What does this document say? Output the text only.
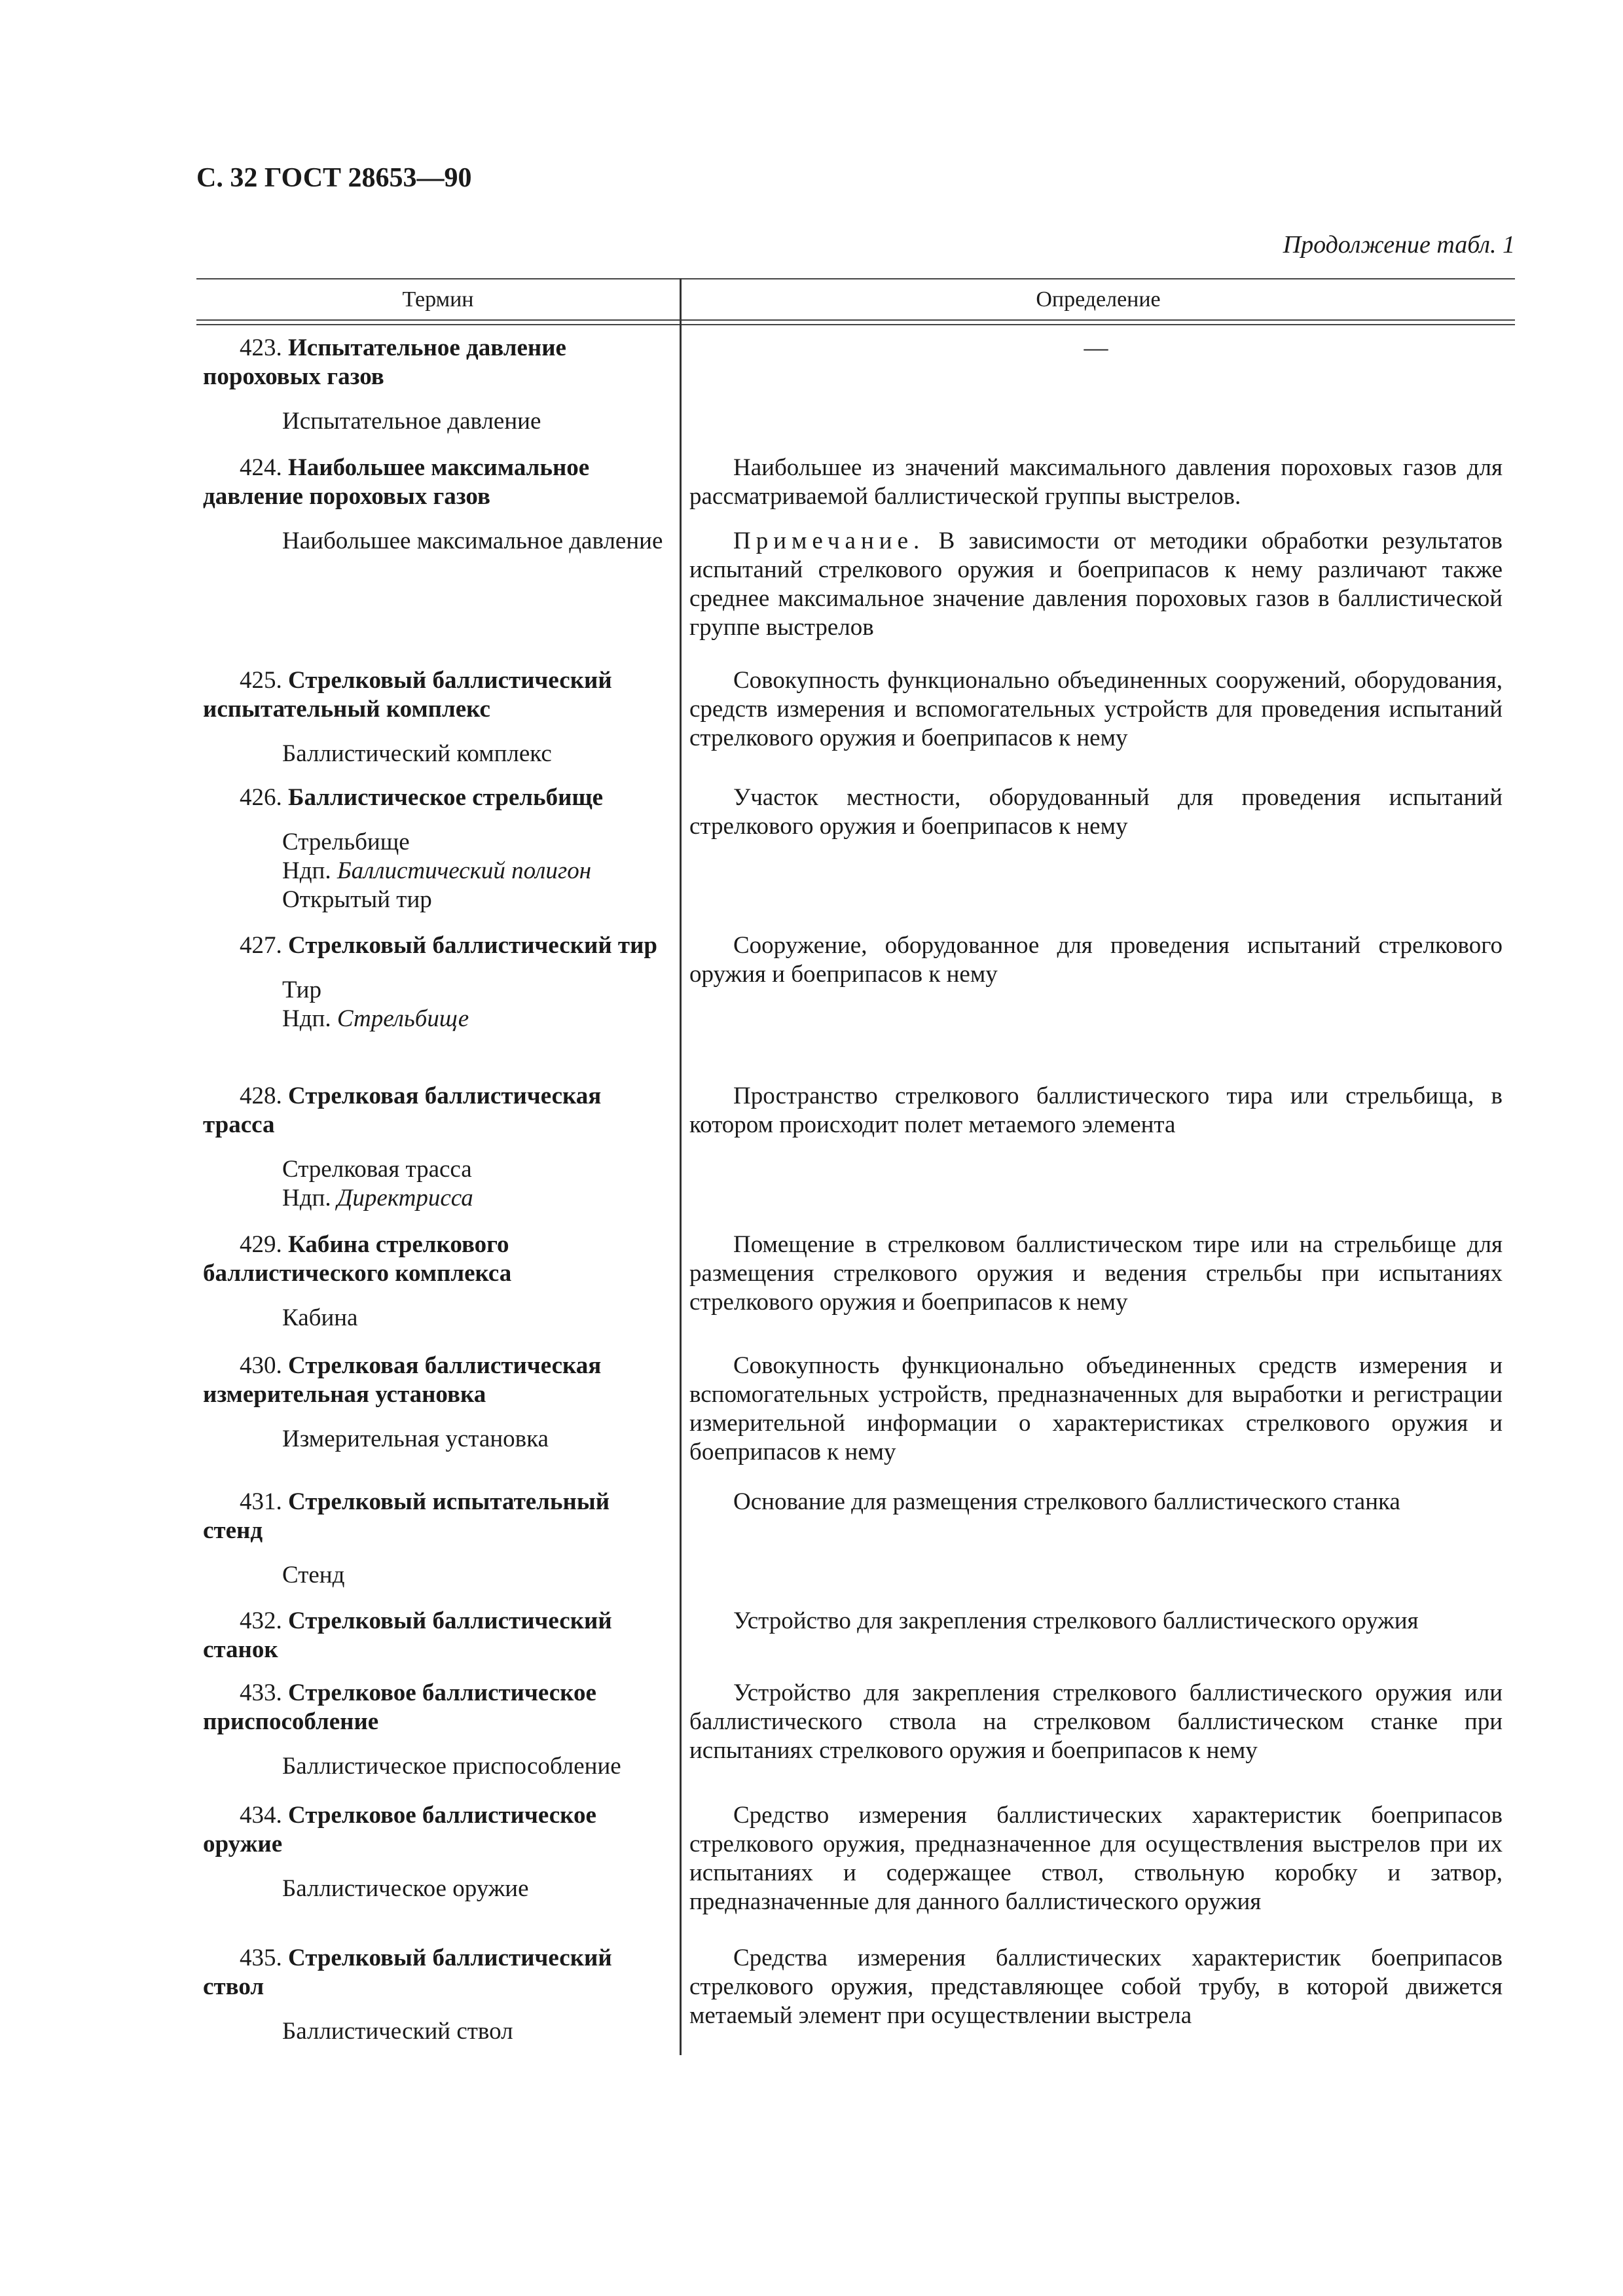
С. 32 ГОСТ 28653—90
Продолжение табл. 1
Термин	Определение
423. Испытательное давление пороховых газов
Испытательное давление

—

424. Наибольшее максимальное давление пороховых газов
Наибольшее максимальное давление

Наибольшее из значений максимального давления пороховых газов для рассматриваемой баллистической группы выстрелов.

Примечание. В зависимости от методики обработки результатов испытаний стрелкового оружия и боеприпасов к нему различают также среднее максимальное значение давления пороховых газов в баллистической группе выстрелов

425. Стрелковый баллистический испытательный комплекс
Баллистический комплекс

Совокупность функционально объединенных сооружений, оборудования, средств измерения и вспомогательных устройств для проведения испытаний стрелкового оружия и боеприпасов к нему

426. Баллистическое стрельбище
Стрельбище
Ндп. Баллистический полигон
Открытый тир

Участок местности, оборудованный для проведения испытаний стрелкового оружия и боеприпасов к нему

427. Стрелковый баллистический тир
Тир
Ндп. Стрельбище

Сооружение, оборудованное для проведения испытаний стрелкового оружия и боеприпасов к нему

428. Стрелковая баллистическая трасса
Стрелковая трасса
Ндп. Директрисса

Пространство стрелкового баллистического тира или стрельбища, в котором происходит полет метаемого элемента

429. Кабина стрелкового баллистического комплекса
Кабина

Помещение в стрелковом баллистическом тире или на стрельбище для размещения стрелкового оружия и ведения стрельбы при испытаниях стрелкового оружия и боеприпасов к нему

430. Стрелковая баллистическая измерительная установка
Измерительная установка

Совокупность функционально объединенных средств измерения и вспомогательных устройств, предназначенных для выработки и регистрации измерительной информации о характеристиках стрелкового оружия и боеприпасов к нему

431. Стрелковый испытательный стенд
Стенд

Основание для размещения стрелкового баллистического станка

432. Стрелковый баллистический станок

Устройство для закрепления стрелкового баллистического оружия

433. Стрелковое баллистическое приспособление
Баллистическое приспособление

Устройство для закрепления стрелкового баллистического оружия или баллистического ствола на стрелковом баллистическом станке при испытаниях стрелкового оружия и боеприпасов к нему

434. Стрелковое баллистическое оружие
Баллистическое оружие

Средство измерения баллистических характеристик боеприпасов стрелкового оружия, предназначенное для осуществления выстрелов при их испытаниях и содержащее ствол, ствольную коробку и затвор, предназначенные для данного баллистического оружия

435. Стрелковый баллистический ствол
Баллистический ствол

Средства измерения баллистических характеристик боеприпасов стрелкового оружия, представляющее собой трубу, в которой движется метаемый элемент при осуществлении выстрела
